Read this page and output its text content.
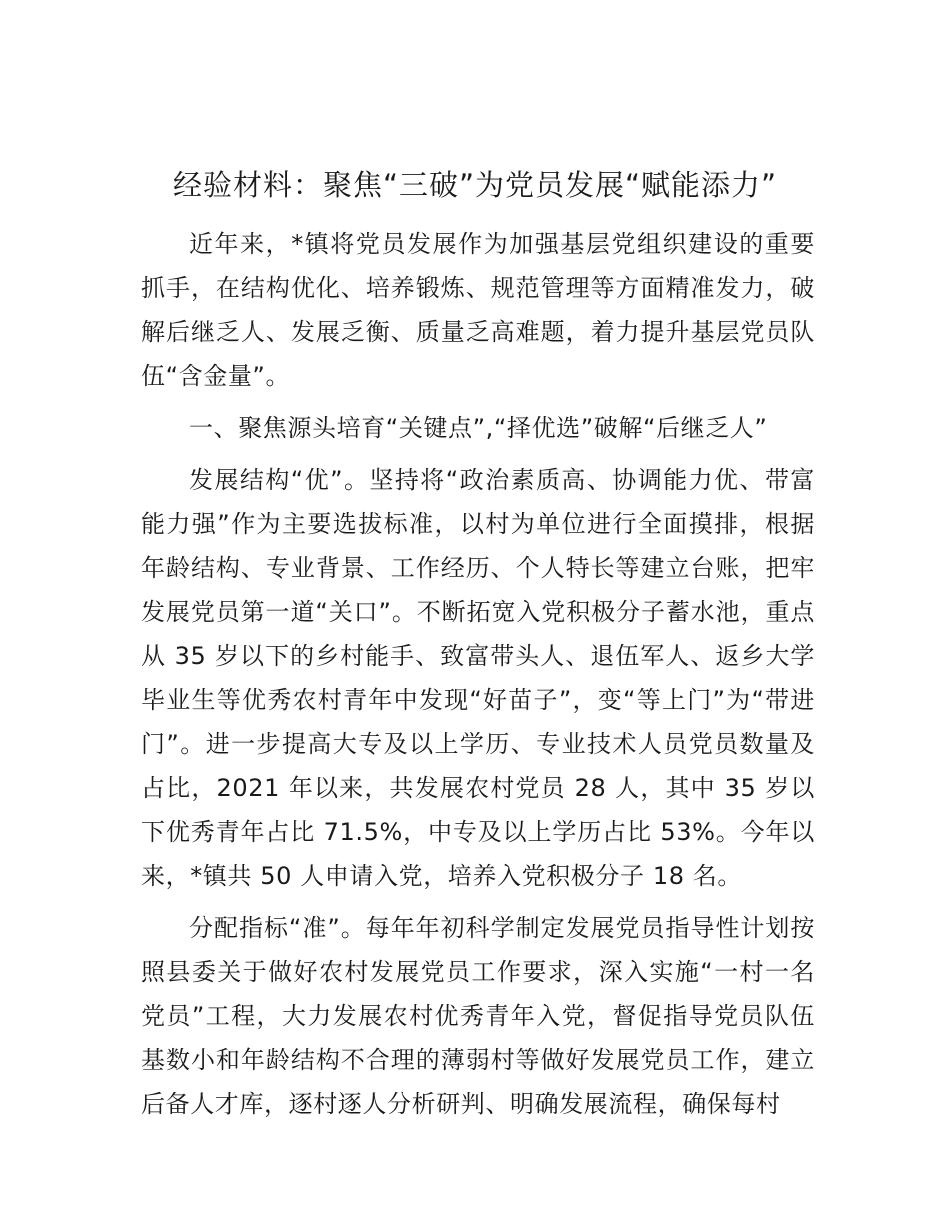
经验材料：聚焦“三破”为党员发展“赋能添力”

近年来，*镇将党员发展作为加强基层党组织建设的重要抓手，在结构优化、培养锻炼、规范管理等方面精准发力，破解后继乏人、发展乏衡、质量乏高难题，着力提升基层党员队伍“含金量”。

一、聚焦源头培育“关键点”,“择优选”破解“后继乏人”

发展结构“优”。坚持将“政治素质高、协调能力优、带富能力强”作为主要选拔标准，以村为单位进行全面摸排，根据年龄结构、专业背景、工作经历、个人特长等建立台账，把牢发展党员第一道“关口”。不断拓宽入党积极分子蓄水池，重点从 35 岁以下的乡村能手、致富带头人、退伍军人、返乡大学毕业生等优秀农村青年中发现“好苗子”，变“等上门”为“带进门”。进一步提高大专及以上学历、专业技术人员党员数量及占比，2021 年以来，共发展农村党员 28 人，其中 35 岁以下优秀青年占比 71.5%，中专及以上学历占比 53%。今年以来，*镇共 50 人申请入党，培养入党积极分子 18 名。

分配指标“准”。每年年初科学制定发展党员指导性计划按照县委关于做好农村发展党员工作要求，深入实施“一村一名党员”工程，大力发展农村优秀青年入党，督促指导党员队伍基数小和年龄结构不合理的薄弱村等做好发展党员工作，建立后备人才库，逐村逐人分析研判、明确发展流程，确保每村
